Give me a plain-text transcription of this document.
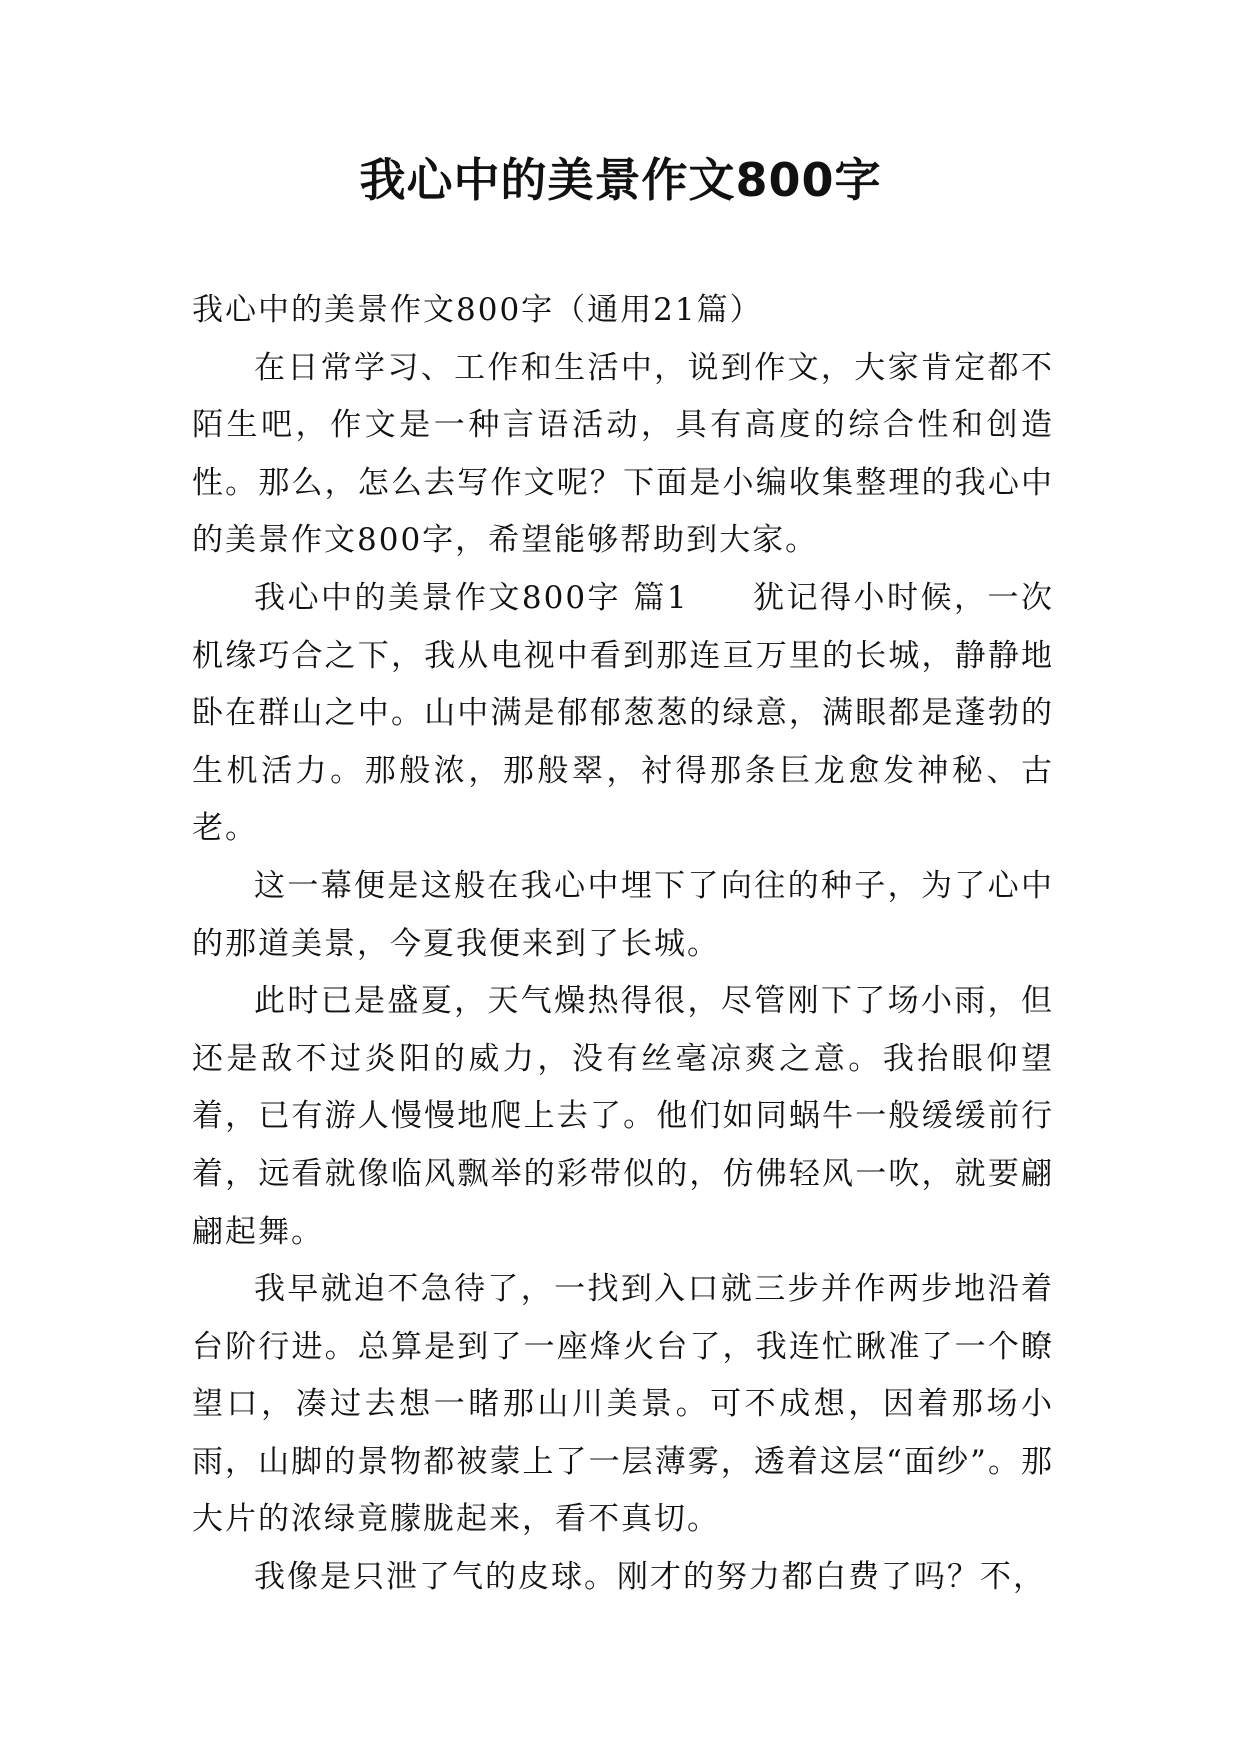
我心中的美景作文800字

我心中的美景作文800字（通用21篇）

在日常学习、工作和生活中，说到作文，大家肯定都不陌生吧，作文是一种言语活动，具有高度的综合性和创造性。那么，怎么去写作文呢？下面是小编收集整理的我心中的美景作文800字，希望能够帮助到大家。

我心中的美景作文800字 篇1 犹记得小时候，一次机缘巧合之下，我从电视中看到那连亘万里的长城，静静地卧在群山之中。山中满是郁郁葱葱的绿意，满眼都是蓬勃的生机活力。那般浓，那般翠，衬得那条巨龙愈发神秘、古老。

这一幕便是这般在我心中埋下了向往的种子，为了心中的那道美景，今夏我便来到了长城。

此时已是盛夏，天气燥热得很，尽管刚下了场小雨，但还是敌不过炎阳的威力，没有丝毫凉爽之意。我抬眼仰望着，已有游人慢慢地爬上去了。他们如同蜗牛一般缓缓前行着，远看就像临风飘举的彩带似的，仿佛轻风一吹，就要翩翩起舞。

我早就迫不急待了，一找到入口就三步并作两步地沿着台阶行进。总算是到了一座烽火台了，我连忙瞅准了一个瞭望口，凑过去想一睹那山川美景。可不成想，因着那场小雨，山脚的景物都被蒙上了一层薄雾，透着这层“面纱”。那大片的浓绿竟朦胧起来，看不真切。

我像是只泄了气的皮球。刚才的努力都白费了吗？不，
